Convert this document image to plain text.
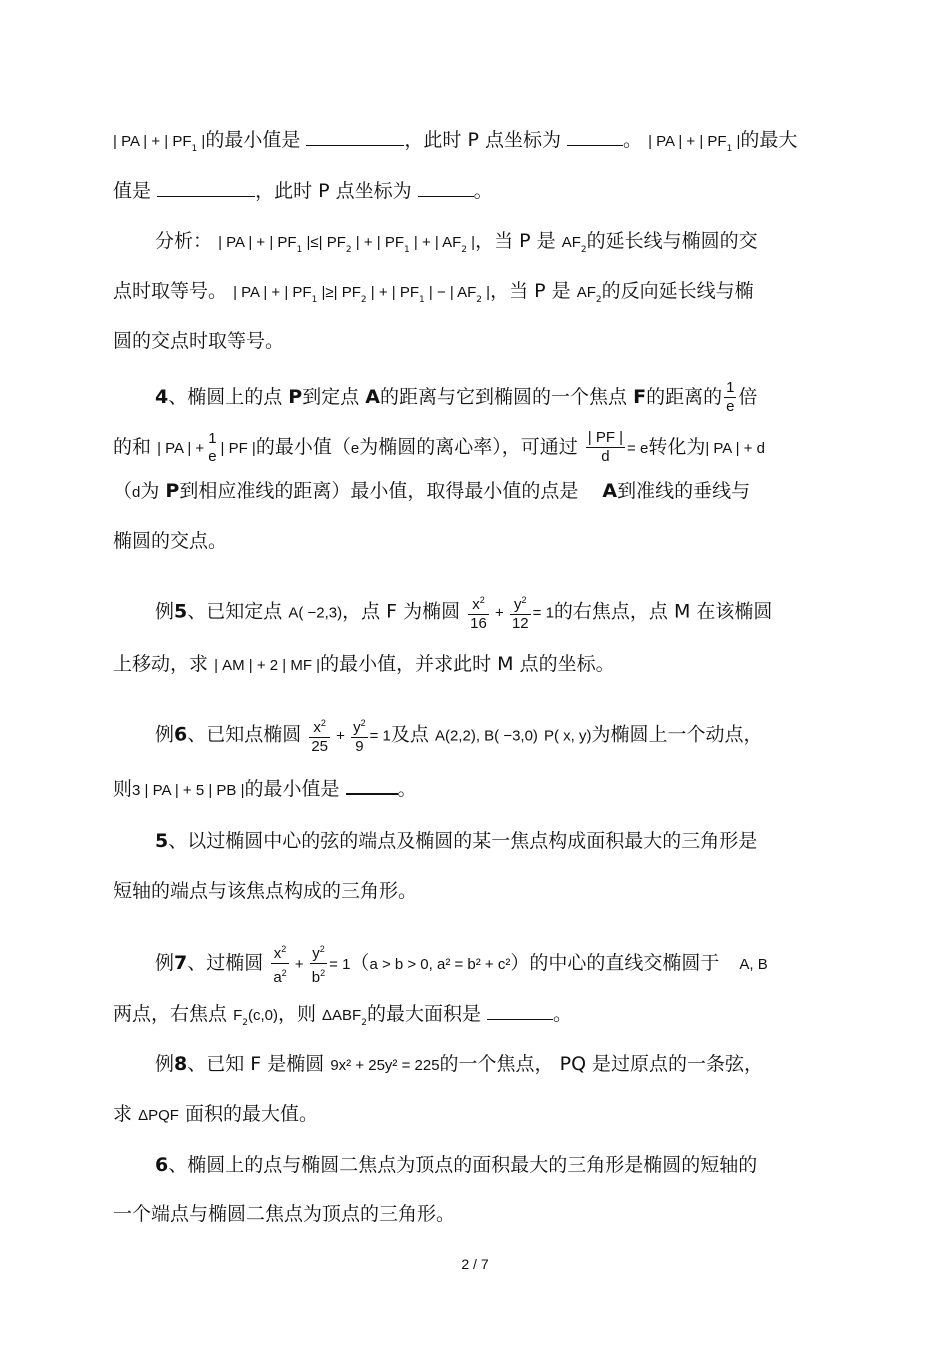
| PA | + | $PF_1$ |的最小值是	，此时 P 点坐标为	。 | PA | + | $PF_1$ |的最大
值是	，此时 P 点坐标为	。
分析： | PA | + | $PF_1$ |≤| $PF_2$ | + | $PF_1$ | + | $AF_2$ |，当 P 是 $AF_2$的延长线与椭圆的交
点时取等号。 | PA | + | $PF_1$ |≥| $PF_2$ | + | $PF_1$ | − | $AF_2$ |，当 P 是 $AF_2$的反向延长线与椭
圆的交点时取等号。
4、椭圆上的点 P到定点 A的距离与它到椭圆的一个焦点 F的距离的 $\frac{1}{e}$ 倍
的和 | PA | +
1
e | PF |的最小值（e为椭圆的离心率），可通过 $\frac{| PF |}{d} = e$转化为| PA | + d
（d为 P到相应准线的距离）最小值，取得最小值的点是 A到准线的垂线与
椭圆的交点。
例5、已知定点 A( −2,3)，点 F 为椭圆 $\frac{x^2}{16} + \frac{y^2}{12} = 1$的右焦点，点 M 在该椭圆
上移动，求 | AM | + 2 | MF |的最小值，并求此时 M 点的坐标。
例6、已知点椭圆 $\frac{x^2}{25} + \frac{y^2}{9} = 1$及点 A(2,2), B( −3,0) P( x, y)为椭圆上一个动点，
则3 | PA | + 5 | PB |的最小值是	。
5、以过椭圆中心的弦的端点及椭圆的某一焦点构成面积最大的三角形是
短轴的端点与该焦点构成的三角形。
例7、过椭圆 $\frac{x^2}{a^2} + \frac{y^2}{b^2} = 1(a > b > 0$, a² = b² + c²）的中心的直线交椭圆于 A, B
两点，右焦点 $F_2(c,0)$，则 $\Delta ABF_2$的最大面积是	。
例8、已知 F 是椭圆 9x² + 25y² = 225的一个焦点， PQ 是过原点的一条弦，
求 ΔPQF 面积的最大值。
6、椭圆上的点与椭圆二焦点为顶点的面积最大的三角形是椭圆的短轴的
一个端点与椭圆二焦点为顶点的三角形。
2 / 7
